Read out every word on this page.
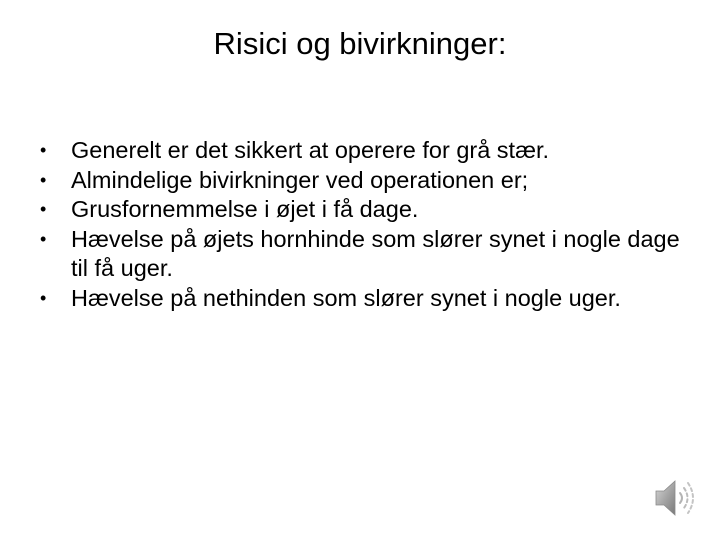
Risici og bivirkninger:
•	Generelt er det sikkert at operere for grå stær.
•	Almindelige bivirkninger ved operationen er;
•	Grusfornemmelse i øjet i få dage.
•	Hævelse på øjets hornhinde som slører synet i nogle dage til få uger.
•	Hævelse på nethinden som slører synet i nogle uger.
